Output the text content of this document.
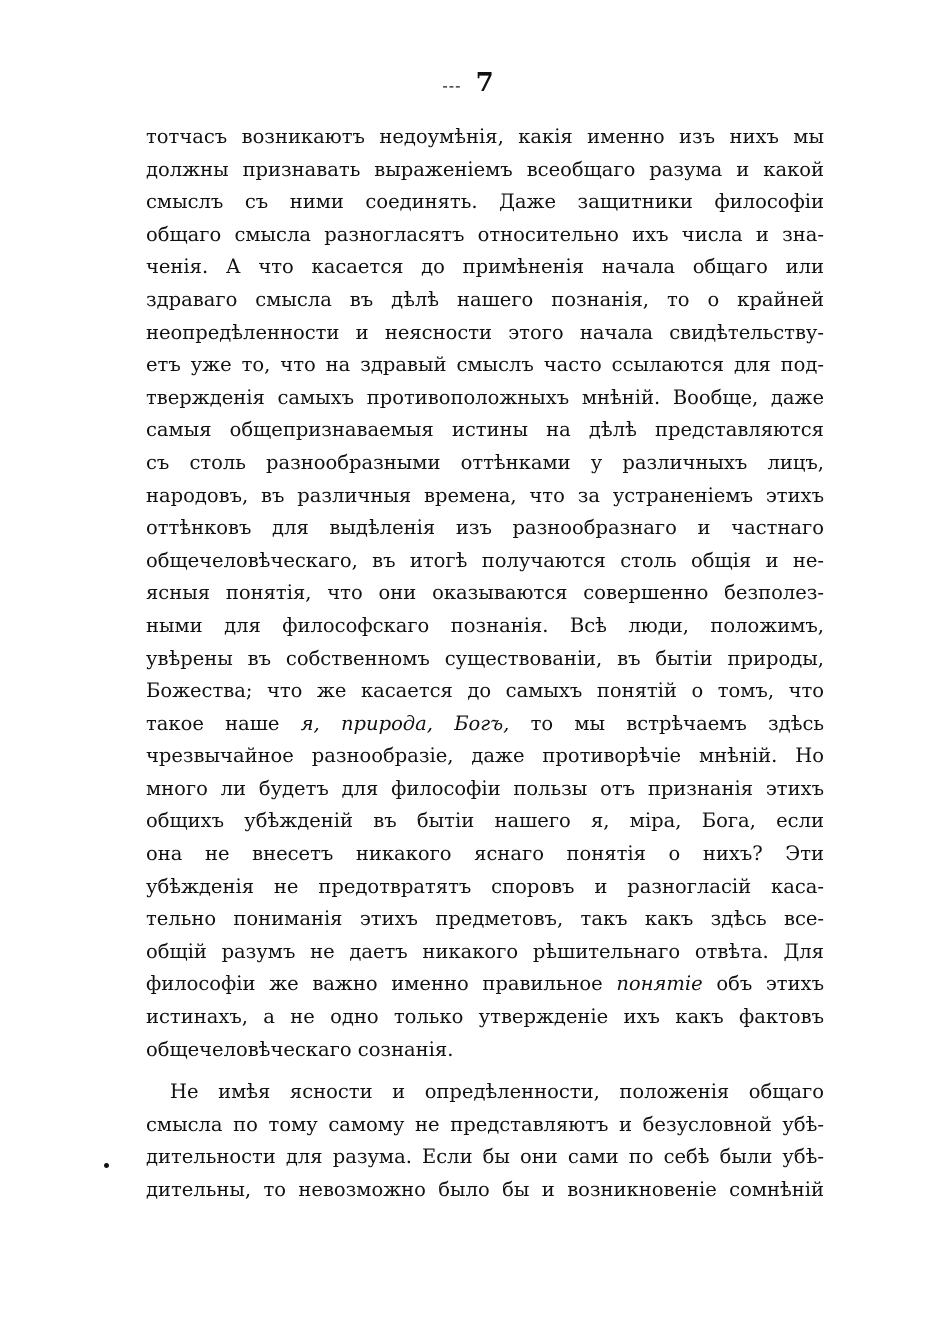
--- 7
тотчасъ возникаютъ недоумѣнія, какія именно изъ нихъ мы
должны признавать выраженіемъ всеобщаго разума и какой
смыслъ съ ними соединять. Даже защитники философіи
общаго смысла разногласятъ относительно ихъ числа и зна-
ченія. А что касается до примѣненія начала общаго или
здраваго смысла въ дѣлѣ нашего познанія, то о крайней
неопредѣленности и неясности этого начала свидѣтельству-
етъ уже то, что на здравый смыслъ часто ссылаются для под-
твержденія самыхъ противоположныхъ мнѣній. Вообще, даже
самыя общепризнаваемыя истины на дѣлѣ представляются
съ столь разнообразными оттѣнками у различныхъ лицъ,
народовъ, въ различныя времена, что за устраненіемъ этихъ
оттѣнковъ для выдѣленія изъ разнообразнаго и частнаго
общечеловѣческаго, въ итогѣ получаются столь общія и не-
ясныя понятія, что они оказываются совершенно безполез-
ными для философскаго познанія. Всѣ люди, положимъ,
увѣрены въ собственномъ существованіи, въ бытіи природы,
Божества; что же касается до самыхъ понятій о томъ, что
такое наше я, природа, Богъ, то мы встрѣчаемъ здѣсь
чрезвычайное разнообразіе, даже противорѣчіе мнѣній. Но
много ли будетъ для философіи пользы отъ признанія этихъ
общихъ убѣжденій въ бытіи нашего я, міра, Бога, если
она не внесетъ никакого яснаго понятія о нихъ? Эти
убѣжденія не предотвратятъ споровъ и разногласій каса-
тельно пониманія этихъ предметовъ, такъ какъ здѣсь все-
общій разумъ не даетъ никакого рѣшительнаго отвѣта. Для
философіи же важно именно правильное понятіе объ этихъ
истинахъ, а не одно только утвержденіе ихъ какъ фактовъ
общечеловѣческаго сознанія.
Не имѣя ясности и опредѣленности, положенія общаго
смысла по тому самому не представляютъ и безусловной убѣ-
дительности для разума. Если бы они сами по себѣ были убѣ-
дительны, то невозможно было бы и возникновеніе сомнѣній
